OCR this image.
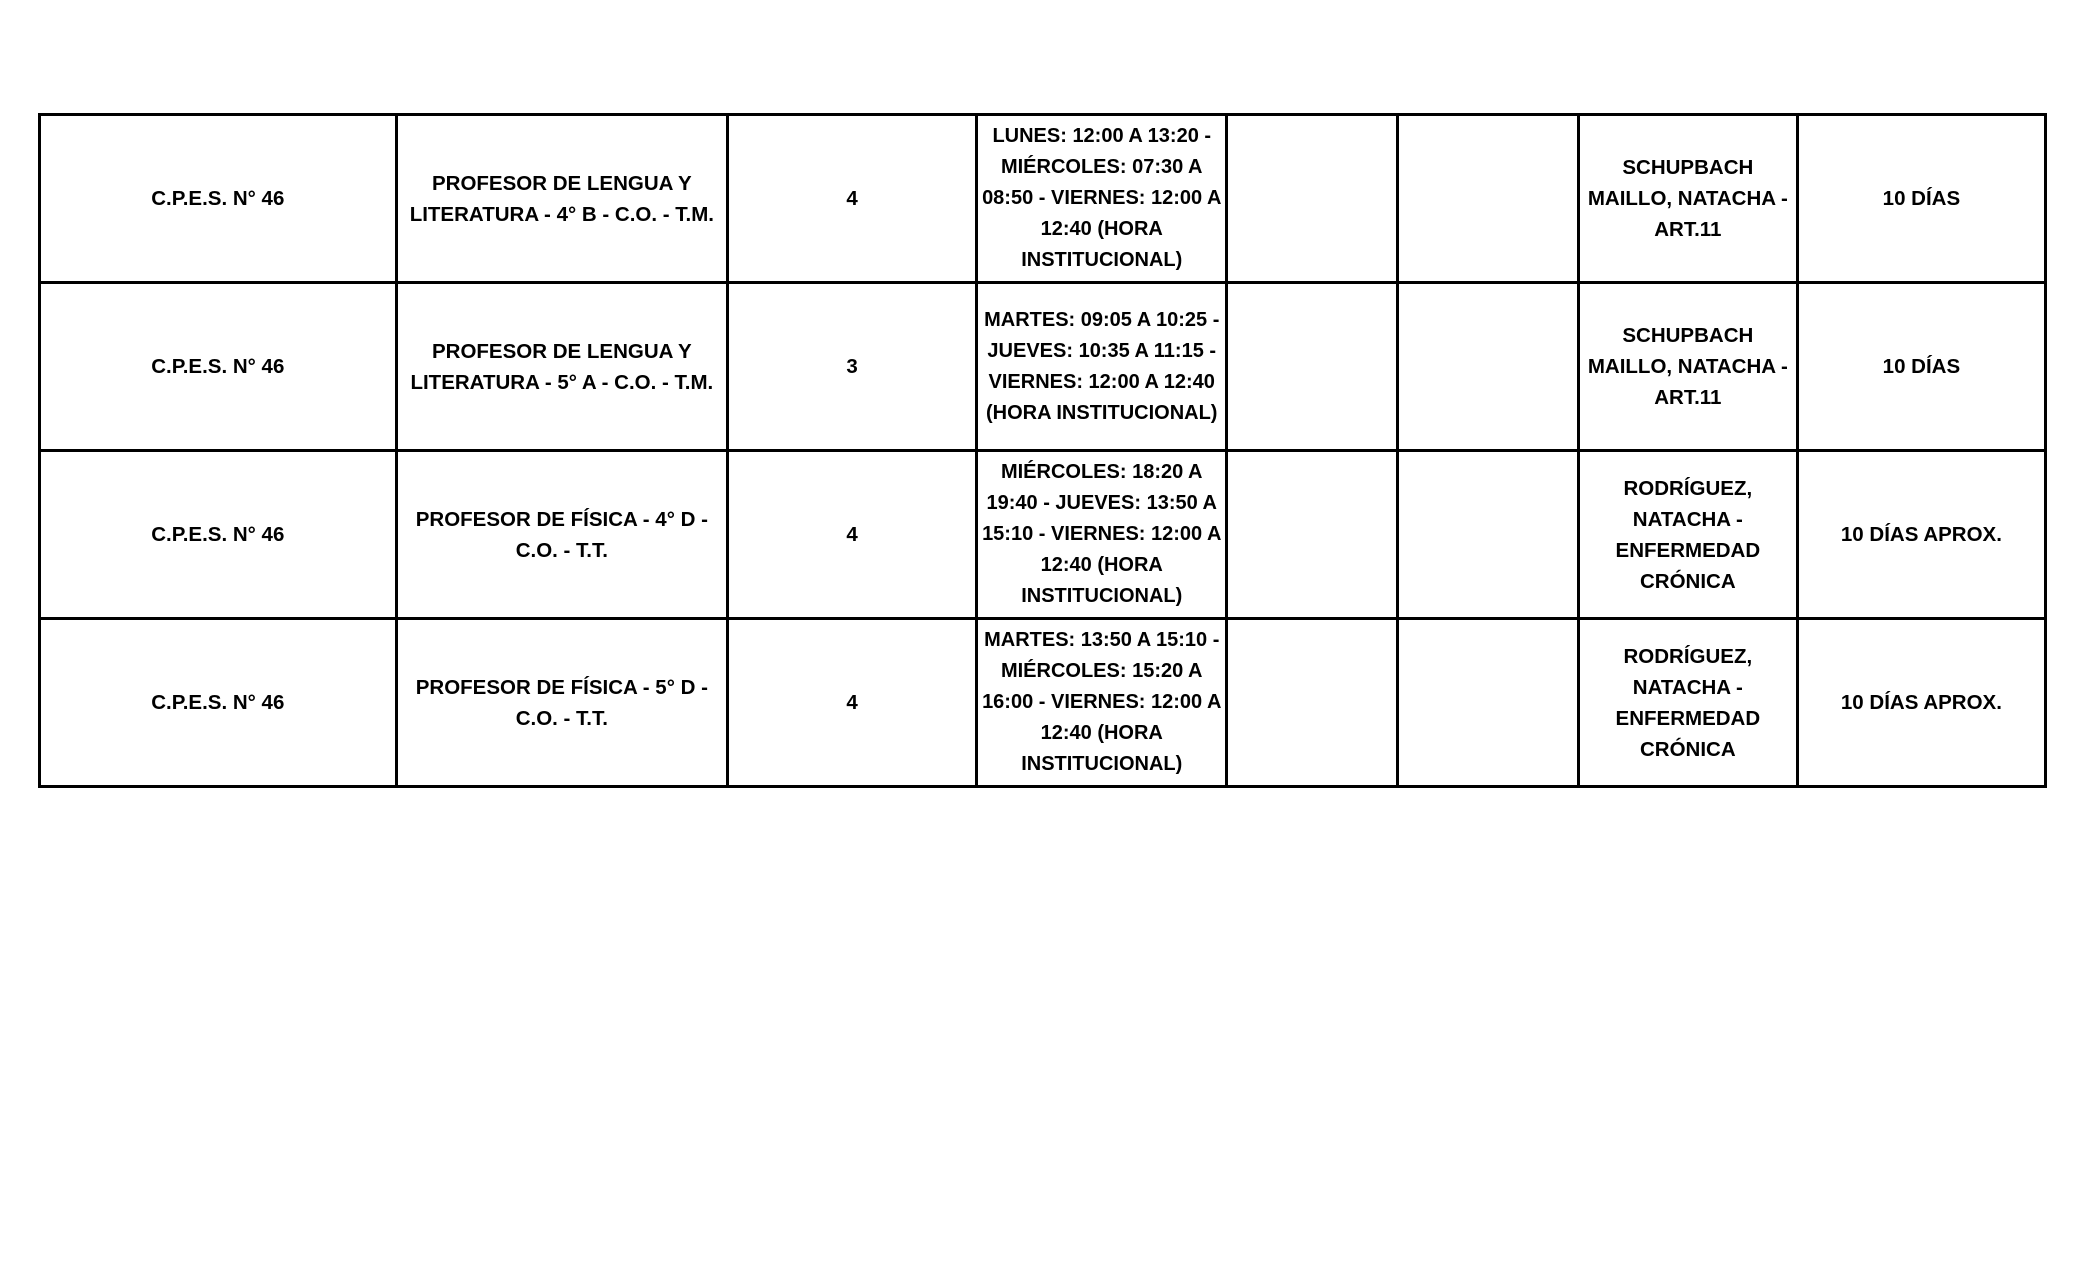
C.P.E.S. N° 46	PROFESOR DE LENGUA Y LITERATURA - 4° B - C.O. - T.M.	4	LUNES: 12:00 A 13:20 - MIÉRCOLES: 07:30 A 08:50 - VIERNES: 12:00 A 12:40 (HORA INSTITUCIONAL)			SCHUPBACH MAILLO, NATACHA - ART.11	10 DÍAS
C.P.E.S. N° 46	PROFESOR DE LENGUA Y LITERATURA - 5° A - C.O. - T.M.	3	MARTES: 09:05 A 10:25 - JUEVES: 10:35 A 11:15 - VIERNES: 12:00 A 12:40 (HORA INSTITUCIONAL)			SCHUPBACH MAILLO, NATACHA - ART.11	10 DÍAS
C.P.E.S. N° 46	PROFESOR DE FÍSICA - 4° D - C.O. - T.T.	4	MIÉRCOLES: 18:20 A 19:40 - JUEVES: 13:50 A 15:10 - VIERNES: 12:00 A 12:40 (HORA INSTITUCIONAL)			RODRÍGUEZ, NATACHA - ENFERMEDAD CRÓNICA	10 DÍAS APROX.
C.P.E.S. N° 46	PROFESOR DE FÍSICA - 5° D - C.O. - T.T.	4	MARTES: 13:50 A 15:10 - MIÉRCOLES: 15:20 A 16:00 - VIERNES: 12:00 A 12:40 (HORA INSTITUCIONAL)			RODRÍGUEZ, NATACHA - ENFERMEDAD CRÓNICA	10 DÍAS APROX.
